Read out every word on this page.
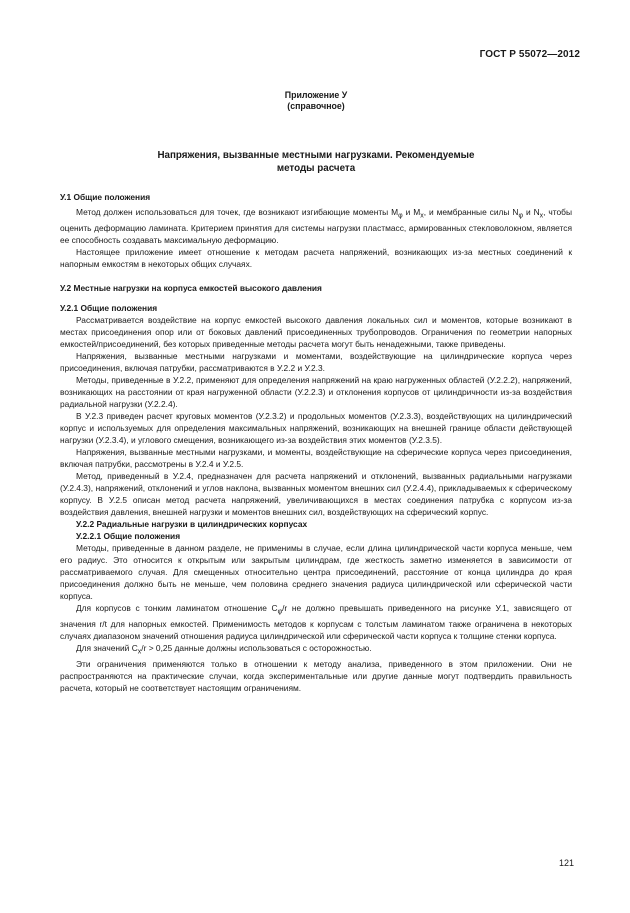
ГОСТ Р 55072—2012
Приложение У
(справочное)
Напряжения, вызванные местными нагрузками. Рекомендуемые
методы расчета
У.1 Общие положения

Метод должен использоваться для точек, где возникают изгибающие моменты $M_\varphi$ и $M_x$, и мембранные силы $N_\varphi$ и $N_x$, чтобы оценить деформацию ламината. Критерием принятия для системы нагрузки пластмасс, армированных стекловолокном, является ее способность создавать максимальную деформацию.

Настоящее приложение имеет отношение к методам расчета напряжений, возникающих из-за местных соединений к напорным емкостям в некоторых общих случаях.

У.2 Местные нагрузки на корпуса емкостей высокого давления
У.2.1 Общие положения

Рассматривается воздействие на корпус емкостей высокого давления локальных сил и моментов, которые возникают в местах присоединения опор или от боковых давлений присоединенных трубопроводов. Ограничения по геометрии напорных емкостей/присоединений, без которых приведенные методы расчета могут быть ненадежными, также приведены.

Напряжения, вызванные местными нагрузками и моментами, воздействующие на цилиндрические корпуса через присоединения, включая патрубки, рассматриваются в У.2.2 и У.2.3.

Методы, приведенные в У.2.2, применяют для определения напряжений на краю нагруженных областей (У.2.2.2), напряжений, возникающих на расстоянии от края нагруженной области (У.2.2.3) и отклонения корпусов от цилиндричности из-за воздействия радиальной нагрузки (У.2.2.4).

В У.2.3 приведен расчет круговых моментов (У.2.3.2) и продольных моментов (У.2.3.3), воздействующих на цилиндрический корпус и используемых для определения максимальных напряжений, возникающих на внешней границе области действующей нагрузки (У.2.3.4), и углового смещения, возникающего из-за воздействия этих моментов (У.2.3.5).

Напряжения, вызванные местными нагрузками, и моменты, воздействующие на сферические корпуса через присоединения, включая патрубки, рассмотрены в У.2.4 и У.2.5.

Метод, приведенный в У.2.4, предназначен для расчета напряжений и отклонений, вызванных радиальными нагрузками (У.2.4.3), напряжений, отклонений и углов наклона, вызванных моментом внешних сил (У.2.4.4), прикладываемых к сферическому корпусу. В У.2.5 описан метод расчета напряжений, увеличивающихся в местах соединения патрубка с корпусом из-за воздействия давления, внешней нагрузки и моментов внешних сил, воздействующих на сферический корпус.

У.2.2 Радиальные нагрузки в цилиндрических корпусах
У.2.2.1 Общие положения

Методы, приведенные в данном разделе, не применимы в случае, если длина цилиндрической части корпуса меньше, чем его радиус. Это относится к открытым или закрытым цилиндрам, где жесткость заметно изменяется в зависимости от рассматриваемого случая. Для смещенных относительно центра присоединений, расстояние от конца цилиндра до края присоединения должно быть не меньше, чем половина среднего значения радиуса цилиндрической или сферической части корпуса.

Для корпусов с тонким ламинатом отношение $C_\varphi/r$ не должно превышать приведенного на рисунке У.1, зависящего от значения r/t для напорных емкостей. Применимость методов к корпусам с толстым ламинатом также ограничена в некоторых случаях диапазоном значений отношения радиуса цилиндрической или сферической части корпуса к толщине стенки корпуса.

Для значений $C_x/r > 0,25$ данные должны использоваться с осторожностью.

Эти ограничения применяются только в отношении к методу анализа, приведенного в этом приложении. Они не распространяются на практические случаи, когда экспериментальные или другие данные могут подтвердить правильность расчета, который не соответствует настоящим ограничениям.

121
